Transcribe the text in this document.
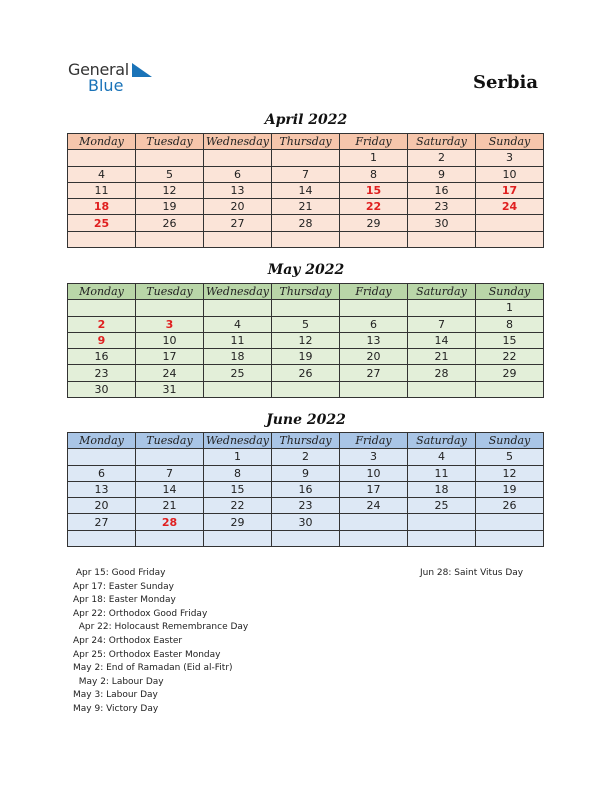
General
Blue	Serbia
April 2022
Monday	Tuesday	Wednesday	Thursday	Friday	Saturday	Sunday
				1	2	3
4	5	6	7	8	9	10
11	12	13	14	15	16	17
18	19	20	21	22	23	24
25	26	27	28	29	30	

May 2022
Monday	Tuesday	Wednesday	Thursday	Friday	Saturday	Sunday
						1
2	3	4	5	6	7	8
9	10	11	12	13	14	15
16	17	18	19	20	21	22
23	24	25	26	27	28	29
30	31					
June 2022
Monday	Tuesday	Wednesday	Thursday	Friday	Saturday	Sunday
		1	2	3	4	5
6	7	8	9	10	11	12
13	14	15	16	17	18	19
20	21	22	23	24	25	26
27	28	29	30			

Apr 15: Good Friday
Apr 17: Easter Sunday
Apr 18: Easter Monday
Apr 22: Orthodox Good Friday
Apr 22: Holocaust Remembrance Day
Apr 24: Orthodox Easter
Apr 25: Orthodox Easter Monday
May 2: End of Ramadan (Eid al-Fitr)
May 2: Labour Day
May 3: Labour Day
May 9: Victory Day
Jun 28: Saint Vitus Day
